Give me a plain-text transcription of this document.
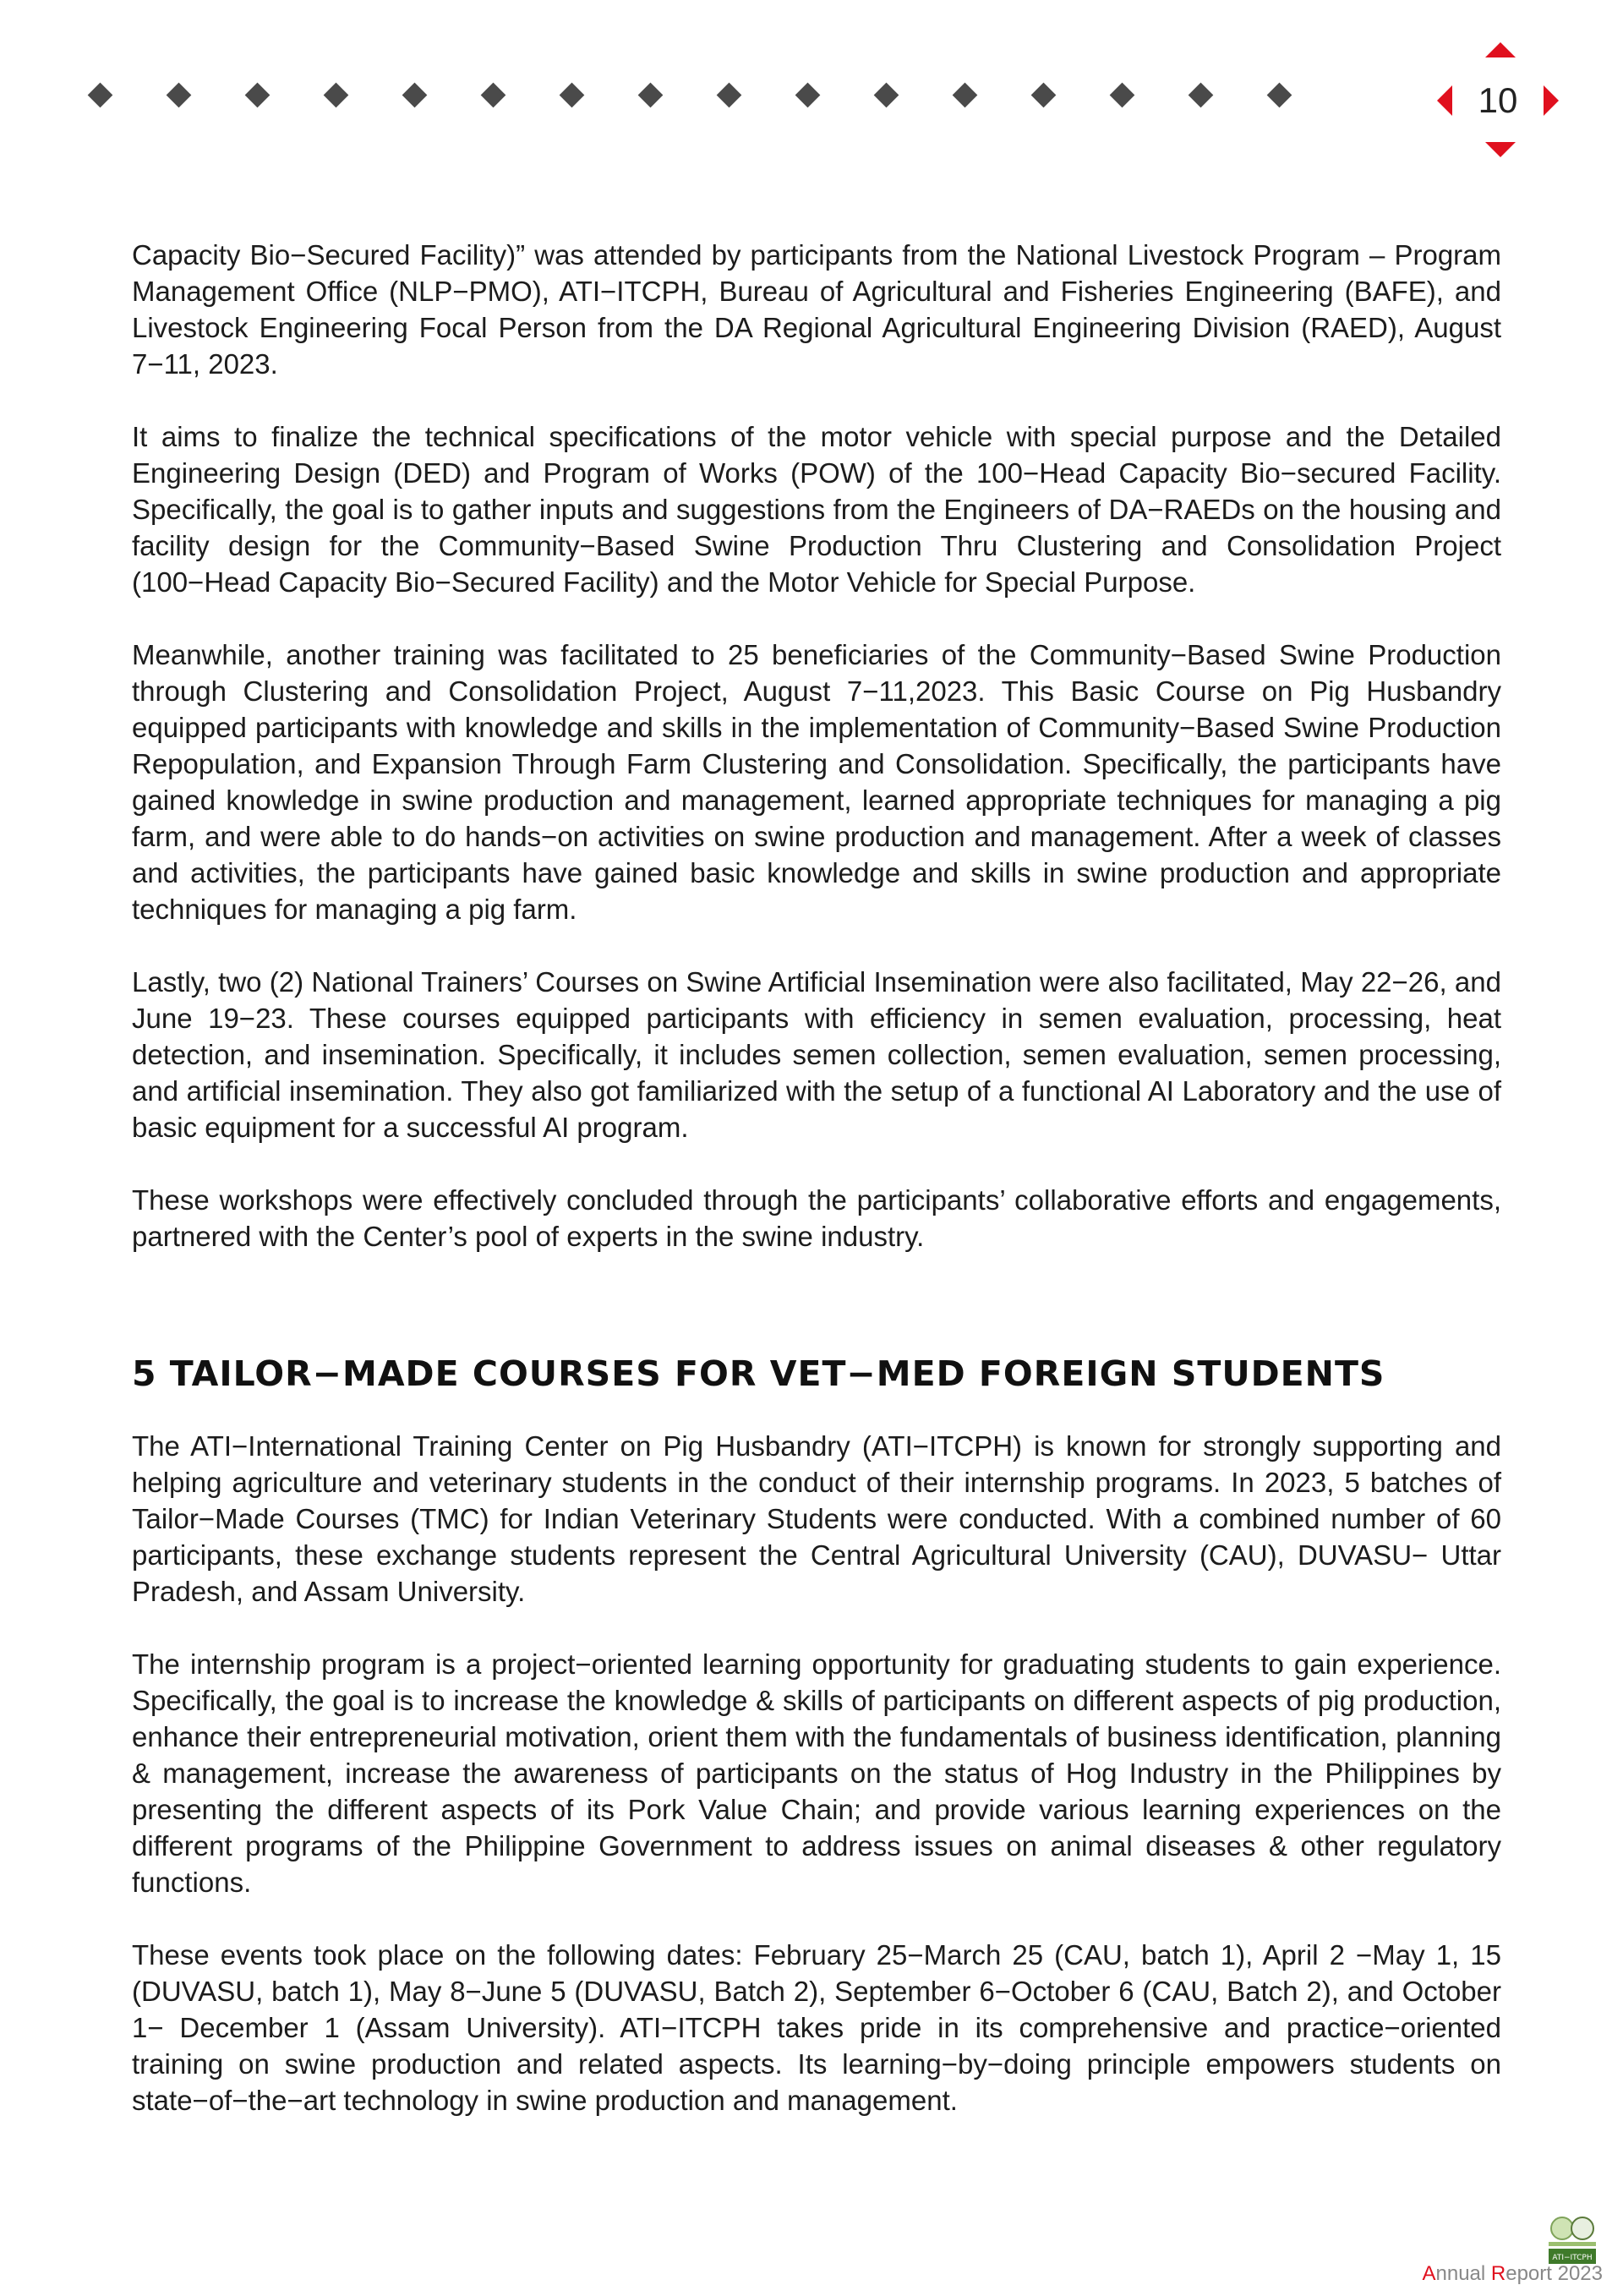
10

Capacity Bio−Secured Facility)” was attended by participants from the National Livestock Program – Program Management Office (NLP−PMO), ATI−ITCPH, Bureau of Agricultural and Fisheries Engineering (BAFE), and Livestock Engineering Focal Person from the DA Regional Agricultural Engineering Division (RAED), August 7−11, 2023.

It aims to finalize the technical specifications of the motor vehicle with special purpose and the Detailed Engineering Design (DED) and Program of Works (POW) of the 100−Head Capacity Bio−secured Facility. Specifically, the goal is to gather inputs and suggestions from the Engineers of DA−RAEDs on the housing and facility design for the Community−Based Swine Production Thru Clustering and Consolidation Project (100−Head Capacity Bio−Secured Facility) and the Motor Vehicle for Special Purpose.

Meanwhile, another training was facilitated to 25 beneficiaries of the Community−Based Swine Production through Clustering and Consolidation Project, August 7−11,2023. This Basic Course on Pig Husbandry equipped participants with knowledge and skills in the implementation of Community−Based Swine Production Repopulation, and Expansion Through Farm Clustering and Consolidation. Specifically, the participants have gained knowledge in swine production and management, learned appropriate techniques for managing a pig farm, and were able to do hands−on activities on swine production and management. After a week of classes and activities, the participants have gained basic knowledge and skills in swine production and appropriate techniques for managing a pig farm.

Lastly, two (2) National Trainers’ Courses on Swine Artificial Insemination were also facilitated, May 22−26, and June 19−23. These courses equipped participants with efficiency in semen evaluation, processing, heat detection, and insemination. Specifically, it includes semen collection, semen evaluation, semen processing, and artificial insemination. They also got familiarized with the setup of a functional AI Laboratory and the use of basic equipment for a successful AI program.

These workshops were effectively concluded through the participants’ collaborative efforts and engagements, partnered with the Center’s pool of experts in the swine industry.

5 TAILOR−MADE COURSES FOR VET−MED FOREIGN STUDENTS

The ATI−International Training Center on Pig Husbandry (ATI−ITCPH) is known for strongly supporting and helping agriculture and veterinary students in the conduct of their internship programs. In 2023, 5 batches of Tailor−Made Courses (TMC) for Indian Veterinary Students were conducted. With a combined number of 60 participants, these exchange students represent the Central Agricultural University (CAU), DUVASU− Uttar Pradesh, and Assam University.

The internship program is a project−oriented learning opportunity for graduating students to gain experience. Specifically, the goal is to increase the knowledge & skills of participants on different aspects of pig production, enhance their entrepreneurial motivation, orient them with the fundamentals of business identification, planning & management, increase the awareness of participants on the status of Hog Industry in the Philippines by presenting the different aspects of its Pork Value Chain; and provide various learning experiences on the different programs of the Philippine Government to address issues on animal diseases & other regulatory functions.

These events took place on the following dates: February 25−March 25 (CAU, batch 1), April 2 −May 1, 15 (DUVASU, batch 1), May 8−June 5 (DUVASU, Batch 2), September 6−October 6 (CAU, Batch 2), and October 1− December 1 (Assam University). ATI−ITCPH takes pride in its comprehensive and practice−oriented training on swine production and related aspects. Its learning−by−doing principle empowers students on state−of−the−art technology in swine production and management.

ATI−ITCPH
Annual Report 2023
